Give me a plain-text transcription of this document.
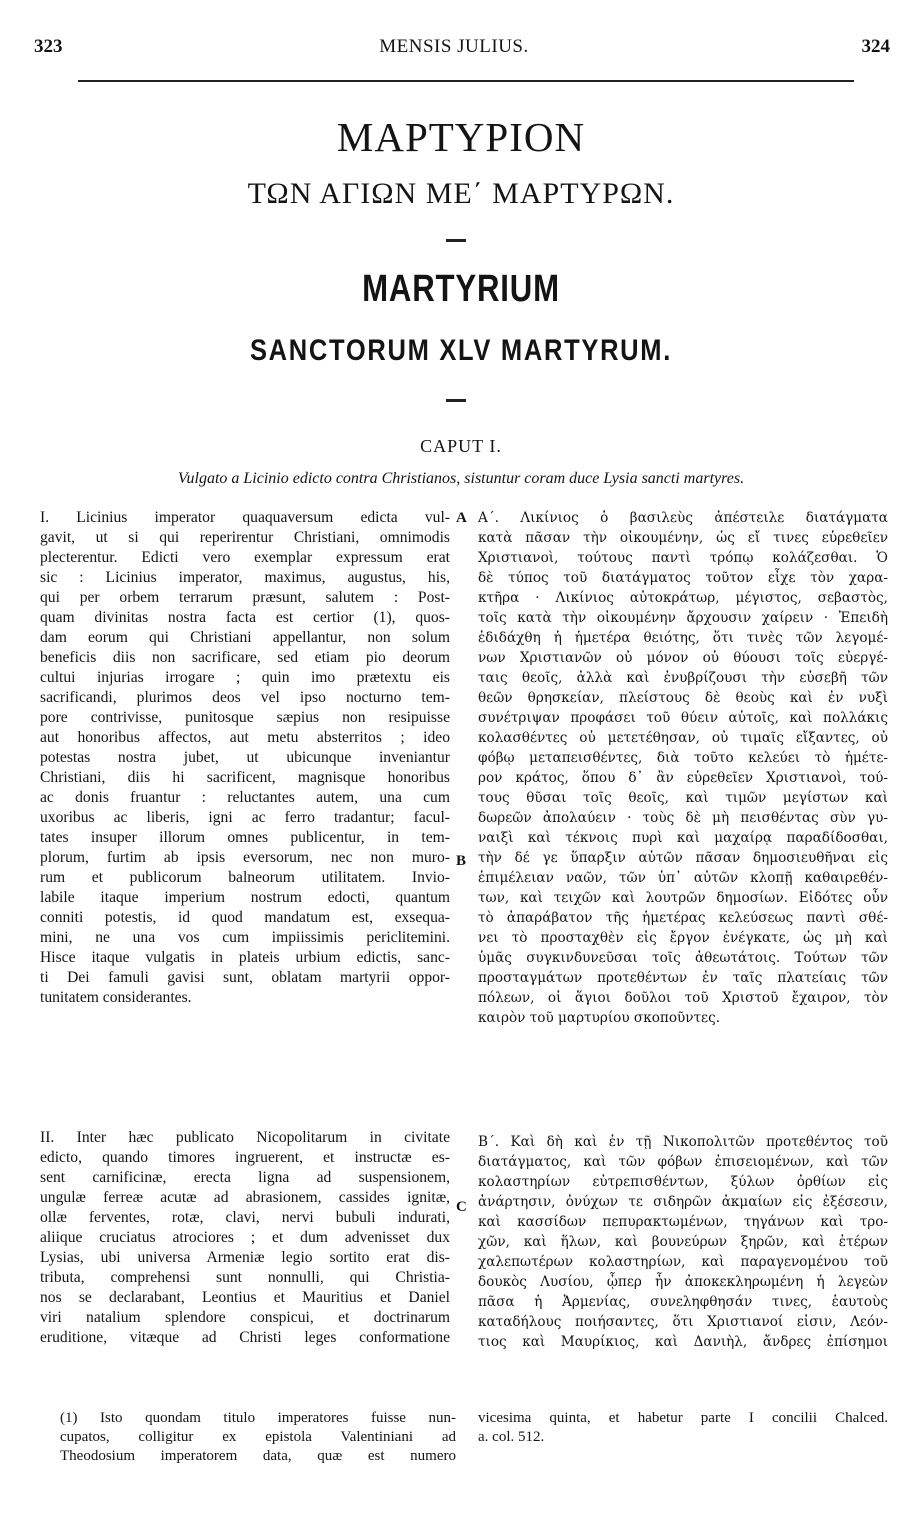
323	MENSIS JULIUS.	324
ΜΑΡΤΥΡΙΟΝ
ΤΩΝ ΑΓΙΩΝ ΜΕ΄ ΜΑΡΤΥΡΩΝ.
MARTYRIUM
SANCTORUM XLV MARTYRUM.
CAPUT I.
Vulgato a Licinio edicto contra Christianos, sistuntur coram duce Lysia sancti martyres.
I. Licinius imperator quaquaversum edicta vul-
gavit, ut si qui reperirentur Christiani, omnimodis
plecterentur. Edicti vero exemplar expressum erat
sic : Licinius imperator, maximus, augustus, his,
qui per orbem terrarum præsunt, salutem : Post-
quam divinitas nostra facta est certior (1), quos-
dam eorum qui Christiani appellantur, non solum
beneficis diis non sacrificare, sed etiam pio deorum
cultui injurias irrogare ; quin imo prætextu eis
sacrificandi, plurimos deos vel ipso nocturno tem-
pore contrivisse, punitosque sæpius non resipuisse
aut honoribus affectos, aut metu absterritos ; ideo
potestas nostra jubet, ut ubicunque inveniantur
Christiani, diis hi sacrificent, magnisque honoribus
ac donis fruantur : reluctantes autem, una cum
uxoribus ac liberis, igni ac ferro tradantur; facul-
tates insuper illorum omnes publicentur, in tem-
plorum, furtim ab ipsis eversorum, nec non muro-
rum et publicorum balneorum utilitatem. Invio-
labile itaque imperium nostrum edocti, quantum
conniti potestis, id quod mandatum est, exsequa-
mini, ne una vos cum impiissimis periclitemini.
Hisce itaque vulgatis in plateis urbium edictis, sanc-
ti Dei famuli gavisi sunt, oblatam martyrii oppor-
tunitatem considerantes.
II. Inter hæc publicato Nicopolitarum in civitate
edicto, quando timores ingruerent, et instructæ es-
sent carnificinæ, erecta ligna ad suspensionem,
ungulæ ferreæ acutæ ad abrasionem, cassides ignitæ,
ollæ ferventes, rotæ, clavi, nervi bubuli indurati,
aliique cruciatus atrociores ; et dum advenisset dux
Lysias, ubi universa Armeniæ legio sortito erat dis-
tributa, comprehensi sunt nonnulli, qui Christia-
nos se declarabant, Leontius et Mauritius et Daniel
viri natalium splendore conspicui, et doctrinarum
eruditione, vitæque ad Christi leges conformatione
Α΄. Λικίνιος ὁ βασιλεὺς ἀπέστειλε διατάγματα
κατὰ πᾶσαν τὴν οἰκουμένην, ὡς εἴ τινες εὑρεθεῖεν
Χριστιανοὶ, τούτους παντὶ τρόπῳ κολάζεσθαι. Ὁ
δὲ τύπος τοῦ διατάγματος τοῦτον εἶχε τὸν χαρα-
κτῆρα · Λικίνιος αὐτοκράτωρ, μέγιστος, σεβαστὸς,
τοῖς κατὰ τὴν οἰκουμένην ἄρχουσιν χαίρειν · Ἐπειδὴ
ἐδιδάχθη ἡ ἡμετέρα θειότης, ὅτι τινὲς τῶν λεγομέ-
νων Χριστιανῶν οὐ μόνον οὐ θύουσι τοῖς εὐεργέ-
ταις θεοῖς, ἀλλὰ καὶ ἐνυβρίζουσι τὴν εὐσεβῆ τῶν
θεῶν θρησκείαν, πλείστους δὲ θεοὺς καὶ ἐν νυξὶ
συνέτριψαν προφάσει τοῦ θύειν αὐτοῖς, καὶ πολλάκις
κολασθέντες οὐ μετετέθησαν, οὐ τιμαῖς εἴξαντες, οὐ
φόβῳ μεταπεισθέντες, διὰ τοῦτο κελεύει τὸ ἡμέτε-
ρον κράτος, ὅπου δ᾽ ἂν εὑρεθεῖεν Χριστιανοὶ, τού-
τους θῦσαι τοῖς θεοῖς, καὶ τιμῶν μεγίστων καὶ
δωρεῶν ἀπολαύειν · τοὺς δὲ μὴ πεισθέντας σὺν γυ-
ναιξὶ καὶ τέκνοις πυρὶ καὶ μαχαίρᾳ παραδίδοσθαι,
τὴν δέ γε ὕπαρξιν αὐτῶν πᾶσαν δημοσιευθῆναι εἰς
ἐπιμέλειαν ναῶν, τῶν ὑπ᾽ αὐτῶν κλοπῇ καθαιρεθέν-
των, καὶ τειχῶν καὶ λουτρῶν δημοσίων. Εἰδότες οὖν
τὸ ἀπαράβατον τῆς ἡμετέρας κελεύσεως παντὶ σθέ-
νει τὸ προσταχθὲν εἰς ἔργον ἐνέγκατε, ὡς μὴ καὶ
ὑμᾶς συγκινδυνεῦσαι τοῖς ἀθεωτάτοις. Τούτων τῶν
προσταγμάτων προτεθέντων ἐν ταῖς πλατείαις τῶν
πόλεων, οἱ ἅγιοι δοῦλοι τοῦ Χριστοῦ ἔχαιρον, τὸν
καιρὸν τοῦ μαρτυρίου σκοποῦντες.
Β΄. Καὶ δὴ καὶ ἐν τῇ Νικοπολιτῶν προτεθέντος τοῦ
διατάγματος, καὶ τῶν φόβων ἐπισειομένων, καὶ τῶν
κολαστηρίων εὐτρεπισθέντων, ξύλων ὀρθίων εἰς
ἀνάρτησιν, ὀνύχων τε σιδηρῶν ἀκμαίων εἰς ἐξέσεσιν,
καὶ κασσίδων πεπυρακτωμένων, τηγάνων καὶ τρο-
χῶν, καὶ ἥλων, καὶ βουνεύρων ξηρῶν, καὶ ἑτέρων
χαλεπωτέρων κολαστηρίων, καὶ παραγενομένου τοῦ
δουκὸς Λυσίου, ᾧπερ ἦν ἀποκεκληρωμένη ἡ λεγεὼν
πᾶσα ἡ Ἀρμενίας, συνεληφθησάν τινες, ἑαυτοὺς
καταδήλους ποιήσαντες, ὅτι Χριστιανοί εἰσιν, Λεόν-
τιος καὶ Μαυρίκιος, καὶ Δανιὴλ, ἄνδρες ἐπίσημοι
A
B
C
(1) Isto quondam titulo imperatores fuisse nun-
cupatos, colligitur ex epistola Valentiniani ad
Theodosium imperatorem data, quæ est numero
vicesima quinta, et habetur parte I concilii Chalced.
a. col. 512.
